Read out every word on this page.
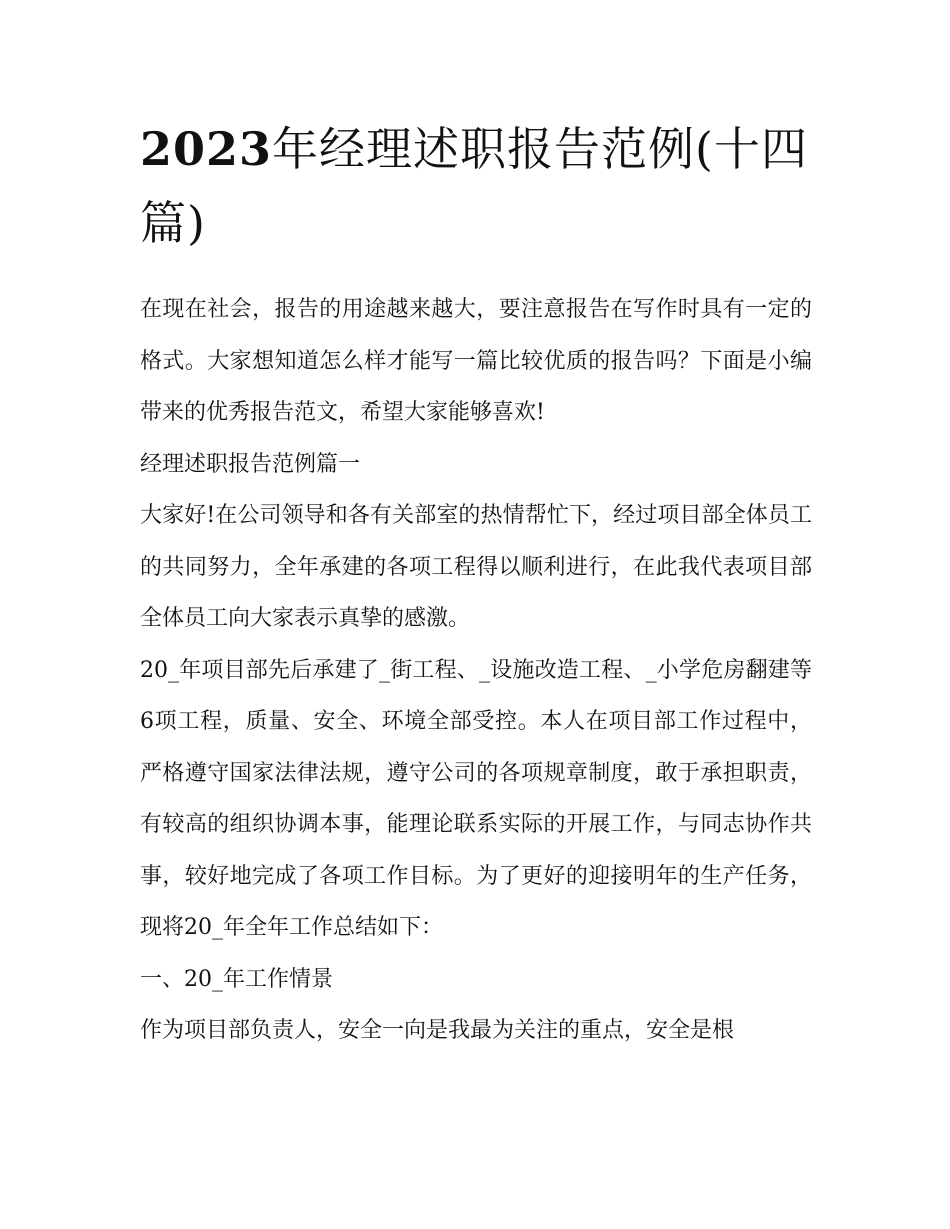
2023年经理述职报告范例(十四篇)

在现在社会，报告的用途越来越大，要注意报告在写作时具有一定的格式。大家想知道怎么样才能写一篇比较优质的报告吗？下面是小编带来的优秀报告范文，希望大家能够喜欢!

经理述职报告范例篇一

大家好!在公司领导和各有关部室的热情帮忙下，经过项目部全体员工的共同努力，全年承建的各项工程得以顺利进行，在此我代表项目部全体员工向大家表示真挚的感激。

20_年项目部先后承建了_街工程、_设施改造工程、_小学危房翻建等6项工程，质量、安全、环境全部受控。本人在项目部工作过程中，严格遵守国家法律法规，遵守公司的各项规章制度，敢于承担职责，有较高的组织协调本事，能理论联系实际的开展工作，与同志协作共事，较好地完成了各项工作目标。为了更好的迎接明年的生产任务，现将20_年全年工作总结如下：

一、20_年工作情景

作为项目部负责人，安全一向是我最为关注的重点，安全是根
